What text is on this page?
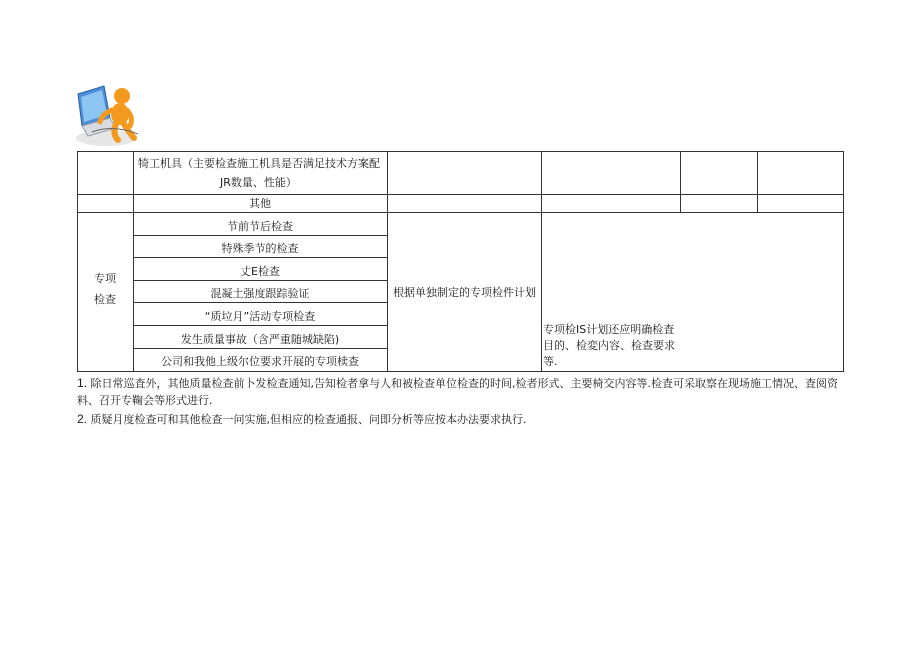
犄工机具（主要检查施工机具是否满足技术方案配
JR数量、性能）
其他
专项
检查
节前节后检查
特殊季节的检查
丈E检查
混凝土强度跟踪验证
“质垃月”活动专项检查
发生质量事故（含严重随城缺陷)
公司和我他上级尔位要求开展的专项椟查
根据单独制定的专项检件计划
专项检IS计划还应明确检査
目的、检変内容、检查要求
等.
1. 除日常巡査外，其他质量检查前卜发检查通知,告知检者拿与人和被检查单位检查的时间,检者形式、主要椅交内容等.检査可采取察在现场施工情况、査阅资
料、召开专鞠会等形式进行.
2. 质疑月度检查可和其他检查一问实施,但相应的检查通报、问即分析等应按本办法要求执行.
